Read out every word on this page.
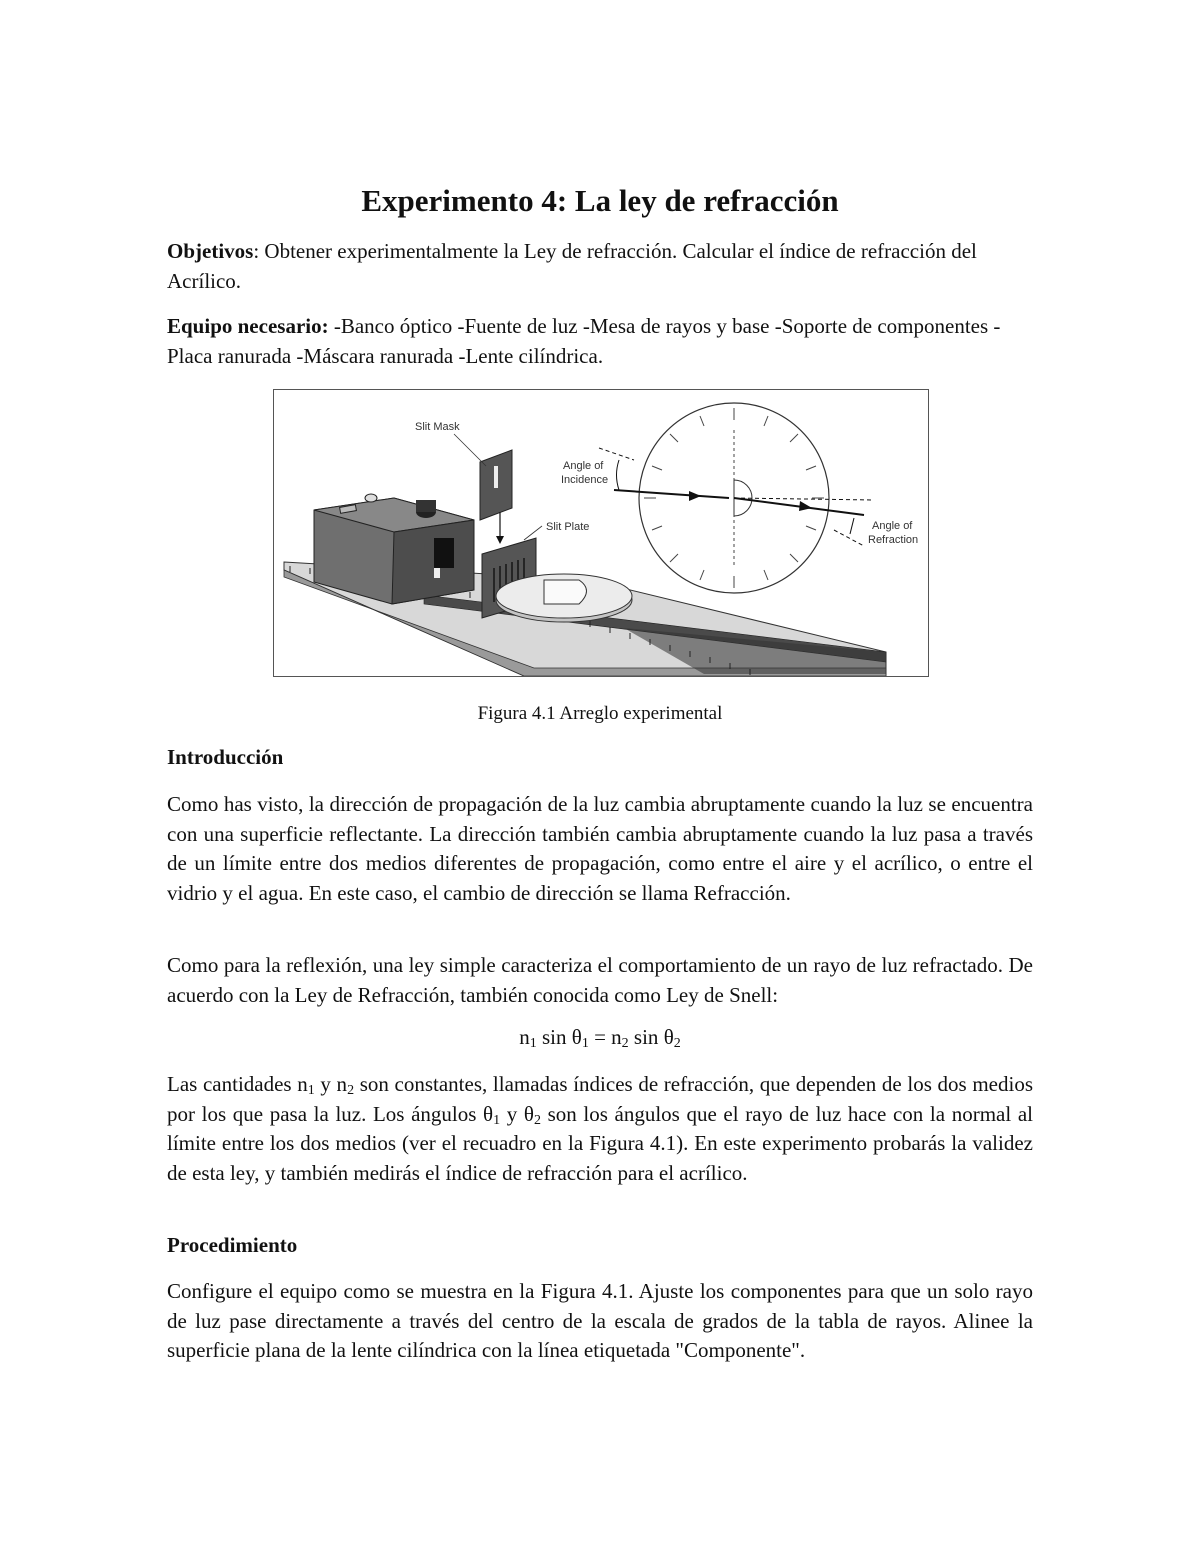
Experimento 4: La ley de refracción

Objetivos: Obtener experimentalmente la Ley de refracción. Calcular el índice de refracción del Acrílico.

Equipo necesario: -Banco óptico -Fuente de luz -Mesa de rayos y base -Soporte de componentes -Placa ranurada -Máscara ranurada -Lente cilíndrica.

Slit Mask
Angle of
Incidence
Slit Plate	Angle of
Refraction
Figura 4.1 Arreglo experimental
Introducción

Como has visto, la dirección de propagación de la luz cambia abruptamente cuando la luz se encuentra con una superficie reflectante. La dirección también cambia abruptamente cuando la luz pasa a través de un límite entre dos medios diferentes de propagación, como entre el aire y el acrílico, o entre el vidrio y el agua. En este caso, el cambio de dirección se llama Refracción.

Como para la reflexión, una ley simple caracteriza el comportamiento de un rayo de luz refractado. De acuerdo con la Ley de Refracción, también conocida como Ley de Snell:

$n_1$ $\sin \theta_1 = n_2$ $\sin \theta_2$

Las cantidades $n_1$ y $n_2$ son constantes, llamadas índices de refracción, que dependen de los dos medios por los que pasa la luz. Los ángulos $\theta_1$ y $\theta_2$ son los ángulos que el rayo de luz hace con la normal al límite entre los dos medios (ver el recuadro en la Figura 4.1). En este experimento probarás la validez de esta ley, y también medirás el índice de refracción para el acrílico.

Procedimiento

Configure el equipo como se muestra en la Figura 4.1. Ajuste los componentes para que un solo rayo de luz pase directamente a través del centro de la escala de grados de la tabla de rayos. Alinee la superficie plana de la lente cilíndrica con la línea etiquetada "Componente".
